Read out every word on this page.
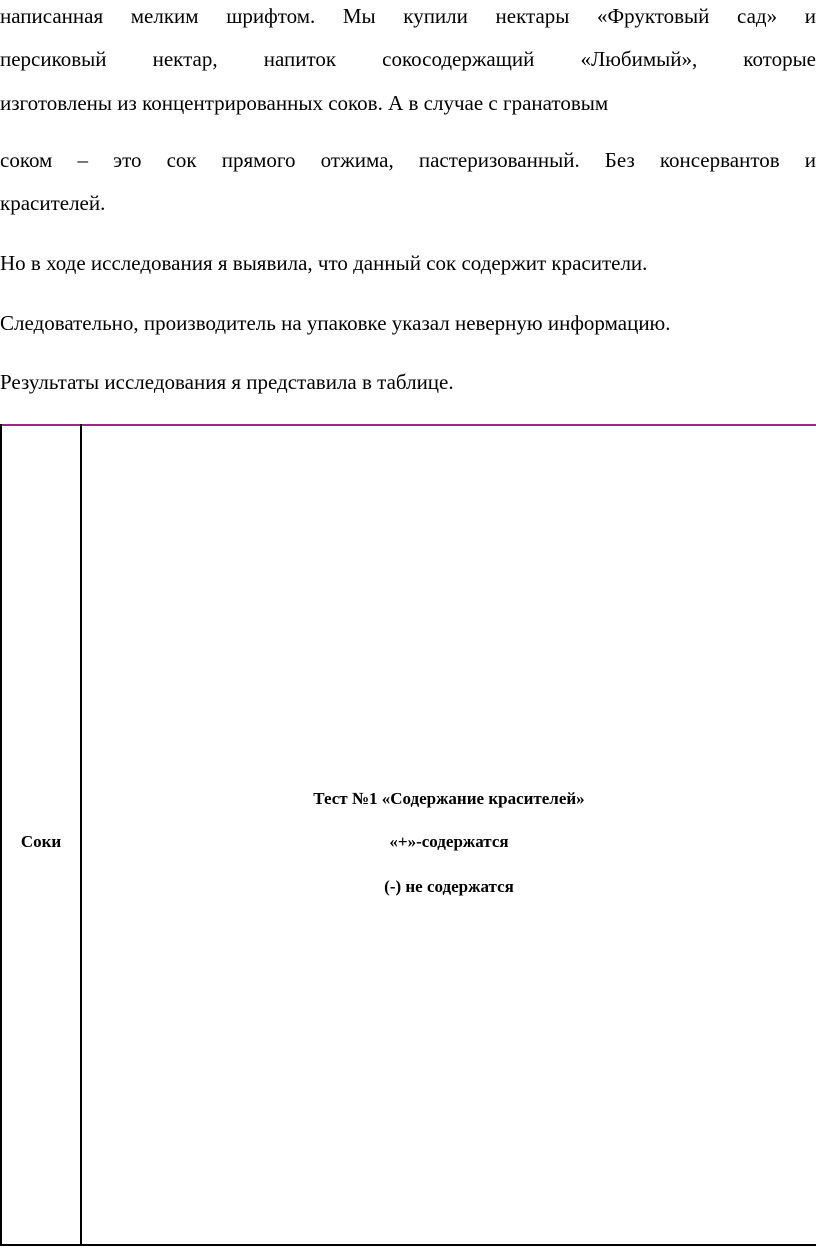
написанная мелким шрифтом. Мы купили нектары «Фруктовый сад» и
персиковый нектар, напиток сокосодержащий «Любимый», которые
изготовлены из концентрированных соков. А в случае с гранатовым
соком – это сок прямого отжима, пастеризованный. Без консервантов и
красителей.
Но в ходе исследования я выявила, что данный сок содержит красители.
Следовательно, производитель на упаковке указал неверную информацию.
Результаты исследования я представила в таблице.
Соки
Тест №1 «Содержание красителей»
«+»-содержатся
(-) не содержатся
